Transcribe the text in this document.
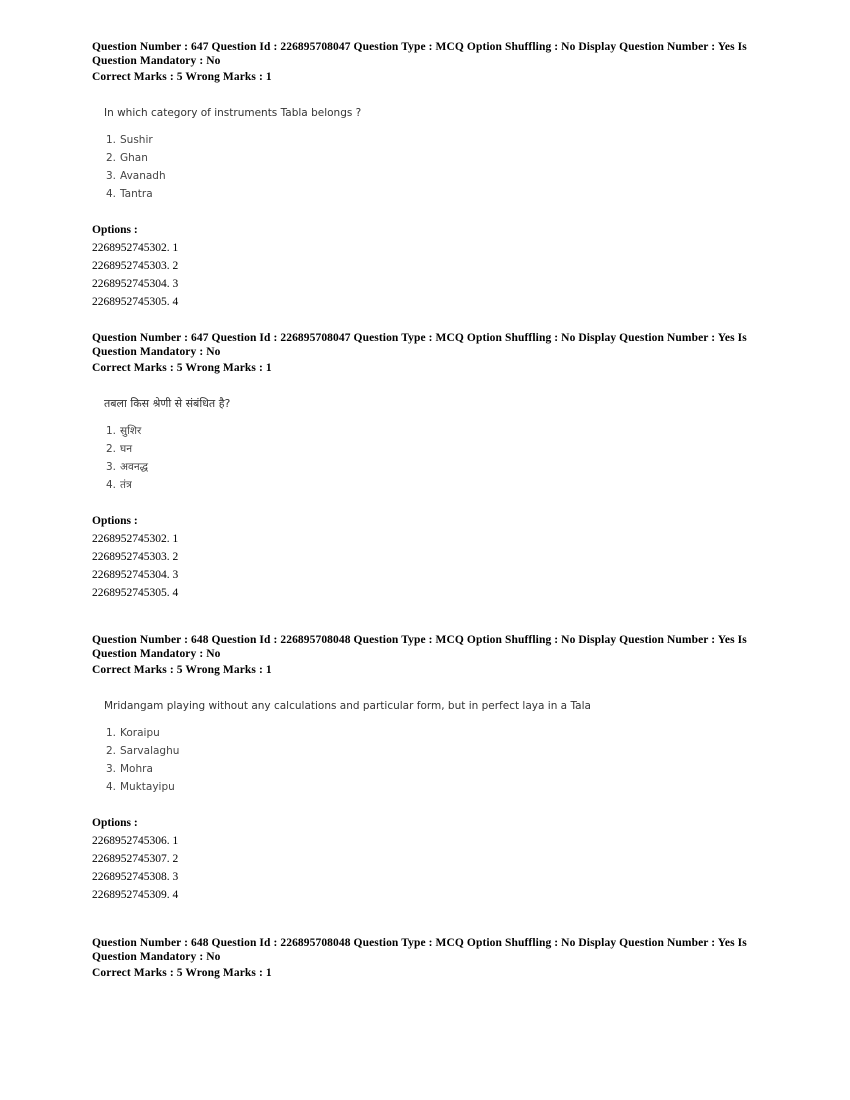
Question Number : 647 Question Id : 226895708047 Question Type : MCQ Option Shuffling : No Display Question Number : Yes Is

Question Mandatory : No

Correct Marks : 5 Wrong Marks : 1

In which category of instruments Tabla belongs ?
1. Sushir
2. Ghan
3. Avanadh
4. Tantra
Options :
2268952745302. 1
2268952745303. 2
2268952745304. 3
2268952745305. 4

Question Number : 647 Question Id : 226895708047 Question Type : MCQ Option Shuffling : No Display Question Number : Yes Is

Question Mandatory : No

Correct Marks : 5 Wrong Marks : 1

तबला किस श्रेणी से संबंधित है?
1. सुशिर
2. घन
3. अवनद्ध
4. तंत्र
Options :
2268952745302. 1
2268952745303. 2
2268952745304. 3
2268952745305. 4

Question Number : 648 Question Id : 226895708048 Question Type : MCQ Option Shuffling : No Display Question Number : Yes Is

Question Mandatory : No

Correct Marks : 5 Wrong Marks : 1

Mridangam playing without any calculations and particular form, but in perfect laya in a Tala
1. Koraipu
2. Sarvalaghu
3. Mohra
4. Muktayipu
Options :
2268952745306. 1
2268952745307. 2
2268952745308. 3
2268952745309. 4

Question Number : 648 Question Id : 226895708048 Question Type : MCQ Option Shuffling : No Display Question Number : Yes Is

Question Mandatory : No

Correct Marks : 5 Wrong Marks : 1
